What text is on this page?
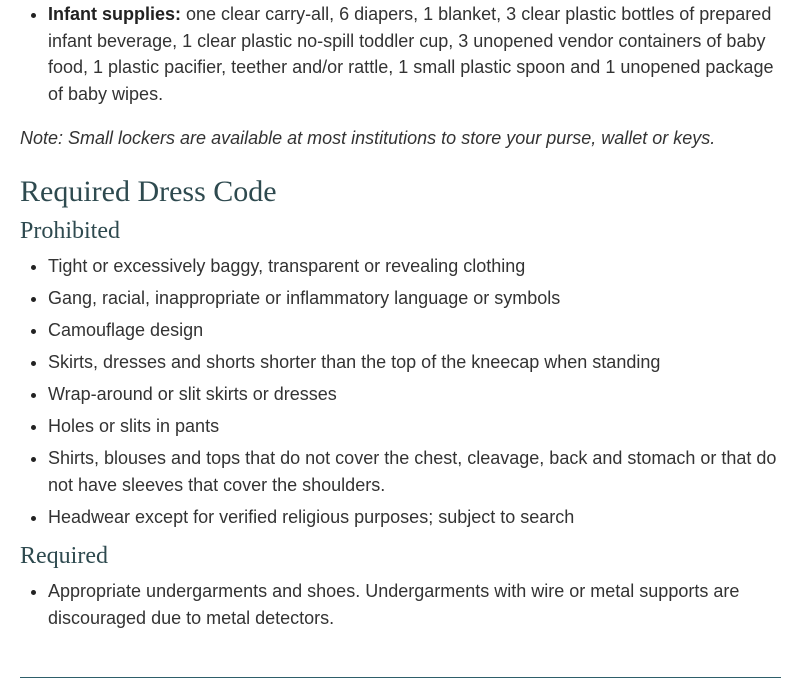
• Infant supplies: one clear carry-all, 6 diapers, 1 blanket, 3 clear plastic bottles of prepared infant beverage, 1 clear plastic no-spill toddler cup, 3 unopened vendor containers of baby food, 1 plastic pacifier, teether and/or rattle, 1 small plastic spoon and 1 unopened package of baby wipes.

Note: Small lockers are available at most institutions to store your purse, wallet or keys.

Required Dress Code
Prohibited
• Tight or excessively baggy, transparent or revealing clothing
• Gang, racial, inappropriate or inflammatory language or symbols
• Camouflage design
• Skirts, dresses and shorts shorter than the top of the kneecap when standing
• Wrap-around or slit skirts or dresses
• Holes or slits in pants
• Shirts, blouses and tops that do not cover the chest, cleavage, back and stomach or that do not have sleeves that cover the shoulders.
• Headwear except for verified religious purposes; subject to search
Required
• Appropriate undergarments and shoes. Undergarments with wire or metal supports are discouraged due to metal detectors.
